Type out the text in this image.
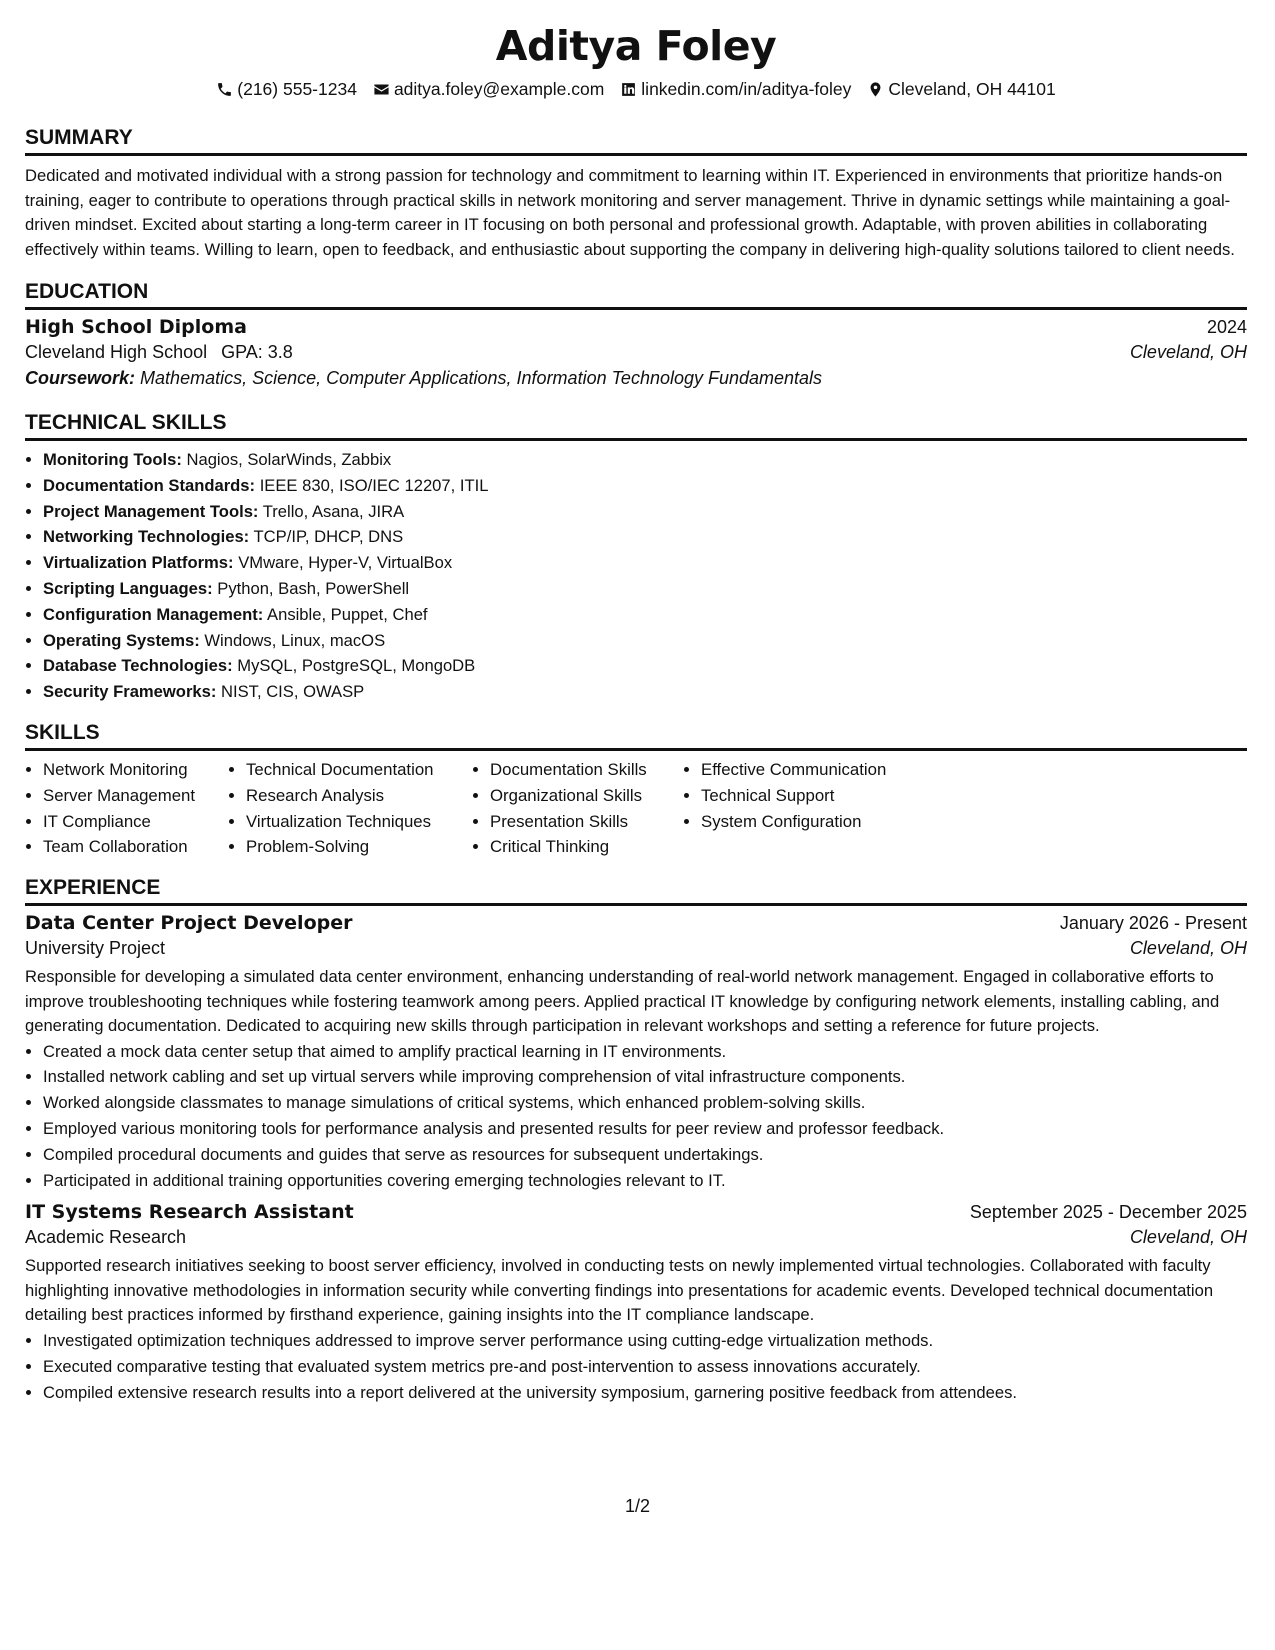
Aditya Foley
(216) 555-1234 aditya.foley@example.com linkedin.com/in/aditya-foley Cleveland, OH 44101
SUMMARY

Dedicated and motivated individual with a strong passion for technology and commitment to learning within IT. Experienced in environments that prioritize hands-on training, eager to contribute to operations through practical skills in network monitoring and server management. Thrive in dynamic settings while maintaining a goal-driven mindset. Excited about starting a long-term career in IT focusing on both personal and professional growth. Adaptable, with proven abilities in collaborating effectively within teams. Willing to learn, open to feedback, and enthusiastic about supporting the company in delivering high-quality solutions tailored to client needs.

EDUCATION
High School Diploma	2024
Cleveland High School GPA: 3.8	Cleveland, OH
Coursework: Mathematics, Science, Computer Applications, Information Technology Fundamentals
TECHNICAL SKILLS
• Monitoring Tools: Nagios, SolarWinds, Zabbix
• Documentation Standards: IEEE 830, ISO/IEC 12207, ITIL
• Project Management Tools: Trello, Asana, JIRA
• Networking Technologies: TCP/IP, DHCP, DNS
• Virtualization Platforms: VMware, Hyper-V, VirtualBox
• Scripting Languages: Python, Bash, PowerShell
• Configuration Management: Ansible, Puppet, Chef
• Operating Systems: Windows, Linux, macOS
• Database Technologies: MySQL, PostgreSQL, MongoDB
• Security Frameworks: NIST, CIS, OWASP
SKILLS
• Network Monitoring
• Server Management
• IT Compliance
• Team Collaboration
• Technical Documentation
• Research Analysis
• Virtualization Techniques
• Problem-Solving
• Documentation Skills
• Organizational Skills
• Presentation Skills
• Critical Thinking
• Effective Communication
• Technical Support
• System Configuration
EXPERIENCE
Data Center Project Developer	January 2026 - Present
University Project	Cleveland, OH

Responsible for developing a simulated data center environment, enhancing understanding of real-world network management. Engaged in collaborative efforts to improve troubleshooting techniques while fostering teamwork among peers. Applied practical IT knowledge by configuring network elements, installing cabling, and generating documentation. Dedicated to acquiring new skills through participation in relevant workshops and setting a reference for future projects.

• Created a mock data center setup that aimed to amplify practical learning in IT environments.
• Installed network cabling and set up virtual servers while improving comprehension of vital infrastructure components.
• Worked alongside classmates to manage simulations of critical systems, which enhanced problem-solving skills.
• Employed various monitoring tools for performance analysis and presented results for peer review and professor feedback.
• Compiled procedural documents and guides that serve as resources for subsequent undertakings.
• Participated in additional training opportunities covering emerging technologies relevant to IT.
IT Systems Research Assistant	September 2025 - December 2025
Academic Research	Cleveland, OH

Supported research initiatives seeking to boost server efficiency, involved in conducting tests on newly implemented virtual technologies. Collaborated with faculty highlighting innovative methodologies in information security while converting findings into presentations for academic events. Developed technical documentation detailing best practices informed by firsthand experience, gaining insights into the IT compliance landscape.

• Investigated optimization techniques addressed to improve server performance using cutting-edge virtualization methods.
• Executed comparative testing that evaluated system metrics pre-and post-intervention to assess innovations accurately.
• Compiled extensive research results into a report delivered at the university symposium, garnering positive feedback from attendees.
1/2
